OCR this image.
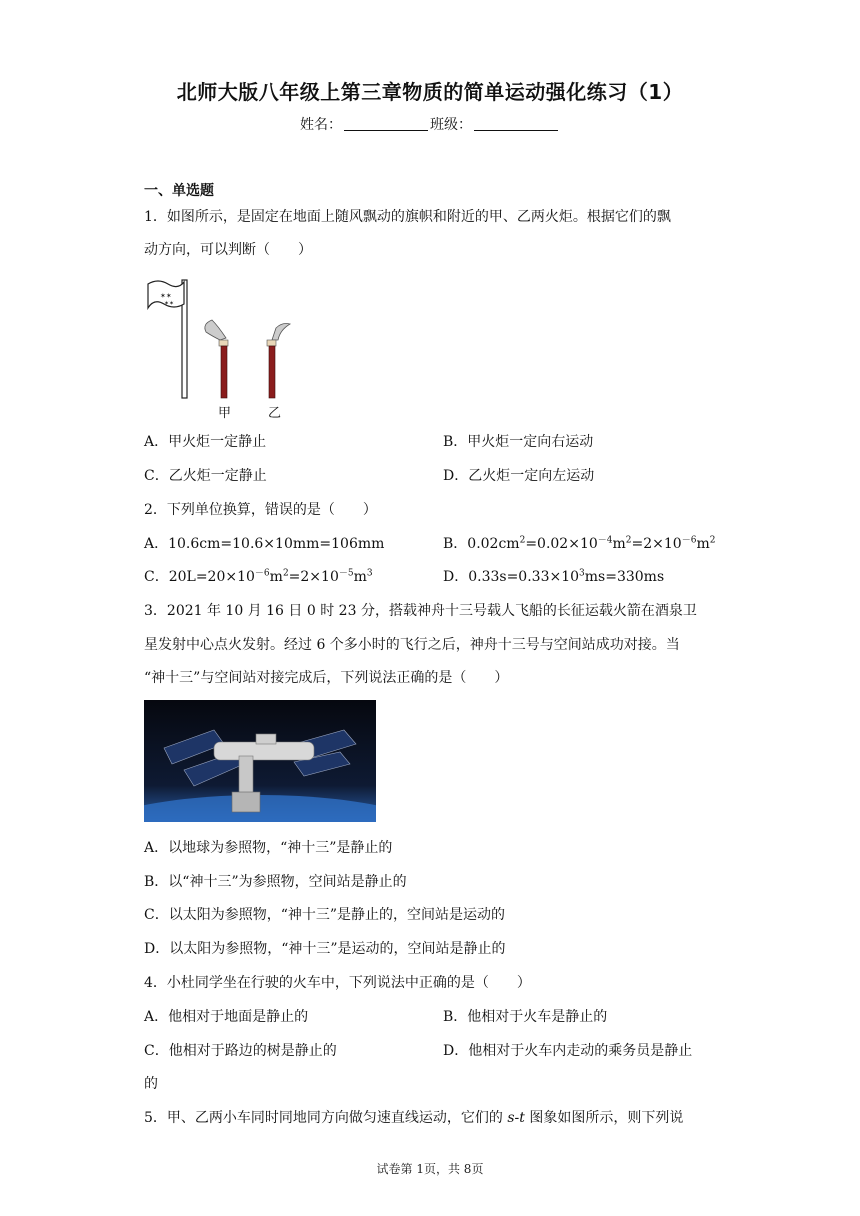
北师大版八年级上第三章物质的简单运动强化练习（1）
姓名：	班级：
一、单选题
1．如图所示，是固定在地面上随风飘动的旗帜和附近的甲、乙两火炬。根据它们的飘
动方向，可以判断（　　）
✶✶
✶✶
甲	乙
A．甲火炬一定静止	B．甲火炬一定向右运动
C．乙火炬一定静止	D．乙火炬一定向左运动
2．下列单位换算，错误的是（　　）
A．10.6cm=10.6×10mm=106mm	B．$0.02cm^2=0.02\times 10^{-4}m^2=2\times 10^{-6}m^2$
C．$20L=20\times 10^{-6}m^2=2\times 10^{-5}m^3$	D．$0.33s=0.33\times 10^3ms=330ms$
3．2021 年 10 月 16 日 0 时 23 分，搭载神舟十三号载人飞船的长征运载火箭在酒泉卫
星发射中心点火发射。经过 6 个多小时的飞行之后，神舟十三号与空间站成功对接。当
“神十三”与空间站对接完成后，下列说法正确的是（　　）
A．以地球为参照物，“神十三”是静止的
B．以“神十三”为参照物，空间站是静止的
C．以太阳为参照物，“神十三”是静止的，空间站是运动的
D．以太阳为参照物，“神十三”是运动的，空间站是静止的
4．小杜同学坐在行驶的火车中，下列说法中正确的是（　　）
A．他相对于地面是静止的	B．他相对于火车是静止的
C．他相对于路边的树是静止的	D．他相对于火车内走动的乘务员是静止
的
5．甲、乙两小车同时同地同方向做匀速直线运动，它们的 s-t 图象如图所示，则下列说
试卷第 1页，共 8页
